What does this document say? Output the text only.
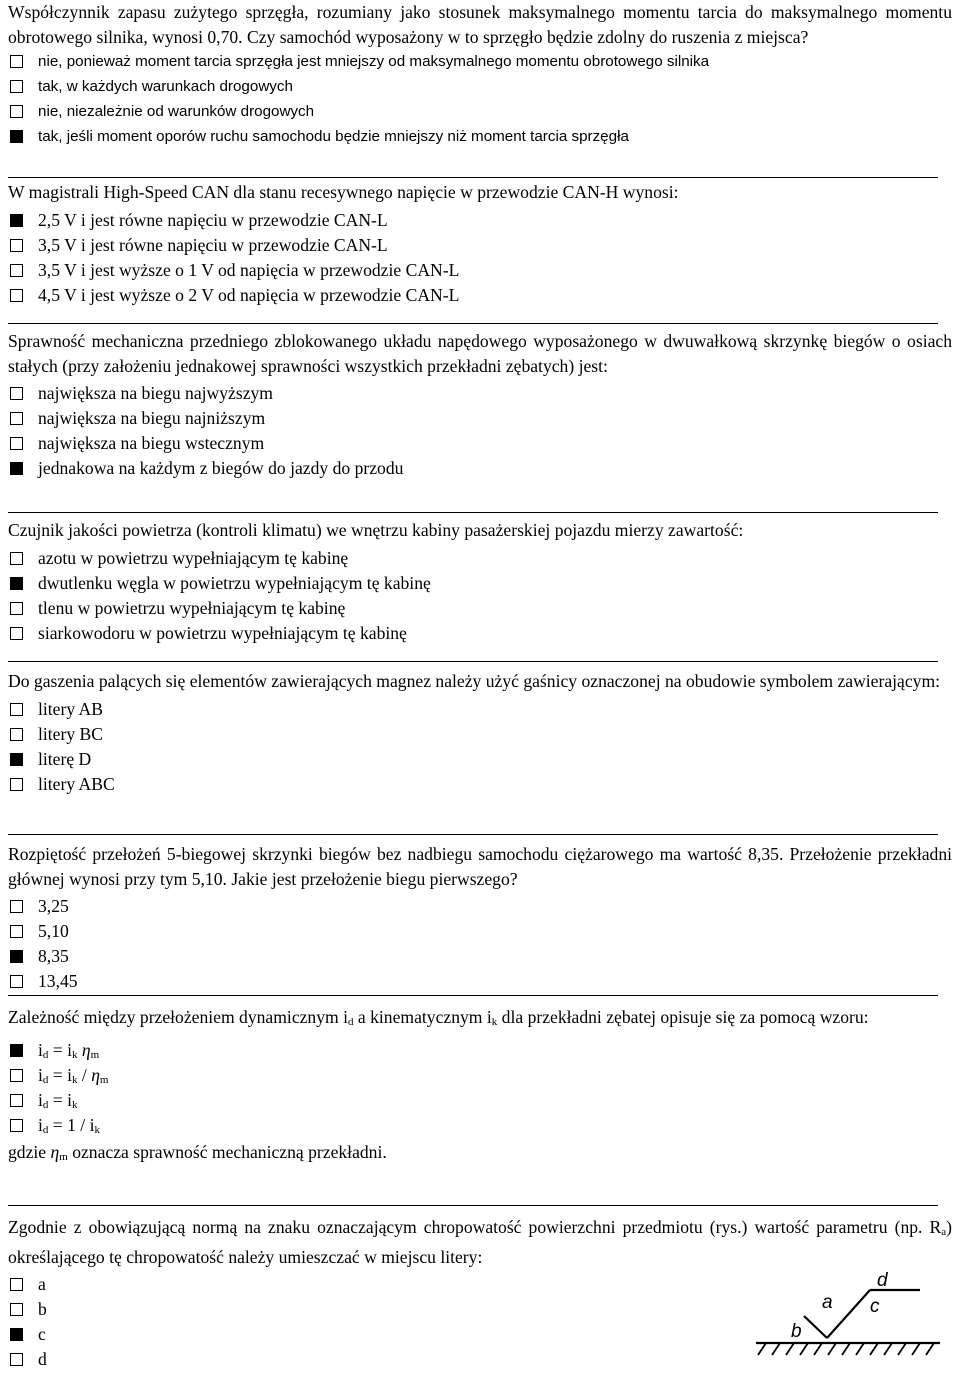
Współczynnik zapasu zużytego sprzęgła, rozumiany jako stosunek maksymalnego momentu tarcia do maksymalnego momentu obrotowego silnika, wynosi 0,70. Czy samochód wyposażony w to sprzęgło będzie zdolny do ruszenia z miejsca?
nie, ponieważ moment tarcia sprzęgła jest mniejszy od maksymalnego momentu obrotowego silnika
tak, w każdych warunkach drogowych
nie, niezależnie od warunków drogowych
tak, jeśli moment oporów ruchu samochodu będzie mniejszy niż moment tarcia sprzęgła
W magistrali High-Speed CAN dla stanu recesywnego napięcie w przewodzie CAN-H wynosi:
2,5 V i jest równe napięciu w przewodzie CAN-L
3,5 V i jest równe napięciu w przewodzie CAN-L
3,5 V i jest wyższe o 1 V od napięcia w przewodzie CAN-L
4,5 V i jest wyższe o 2 V od napięcia w przewodzie CAN-L
Sprawność mechaniczna przedniego zblokowanego układu napędowego wyposażonego w dwuwałkową skrzynkę biegów o osiach stałych (przy założeniu jednakowej sprawności wszystkich przekładni zębatych) jest:
największa na biegu najwyższym
największa na biegu najniższym
największa na biegu wstecznym
jednakowa na każdym z biegów do jazdy do przodu
Czujnik jakości powietrza (kontroli klimatu) we wnętrzu kabiny pasażerskiej pojazdu mierzy zawartość:
azotu w powietrzu wypełniającym tę kabinę
dwutlenku węgla w powietrzu wypełniającym tę kabinę
tlenu w powietrzu wypełniającym tę kabinę
siarkowodoru w powietrzu wypełniającym tę kabinę
Do gaszenia palących się elementów zawierających magnez należy użyć gaśnicy oznaczonej na obudowie symbolem zawierającym:
litery AB
litery BC
literę D
litery ABC
Rozpiętość przełożeń 5-biegowej skrzynki biegów bez nadbiegu samochodu ciężarowego ma wartość 8,35. Przełożenie przekładni głównej wynosi przy tym 5,10. Jakie jest przełożenie biegu pierwszego?
3,25
5,10
8,35
13,45
Zależność między przełożeniem dynamicznym $i_d$ a kinematycznym $i_k$ dla przekładni zębatej opisuje się za pomocą wzoru:
$i_d = i_k$ $\eta_m$
$i_d = i_k / \eta_m$
$i_d = i_k$
$i_d = 1 / i_k$
gdzie $\eta_m$ oznacza sprawność mechaniczną przekładni.
Zgodnie z obowiązującą normą na znaku oznaczającym chropowatość powierzchni przedmiotu (rys.) wartość parametru (np. $R_a$) określającego tę chropowatość należy umieszczać w miejscu litery:
a
b
c
d
d
a c
b
